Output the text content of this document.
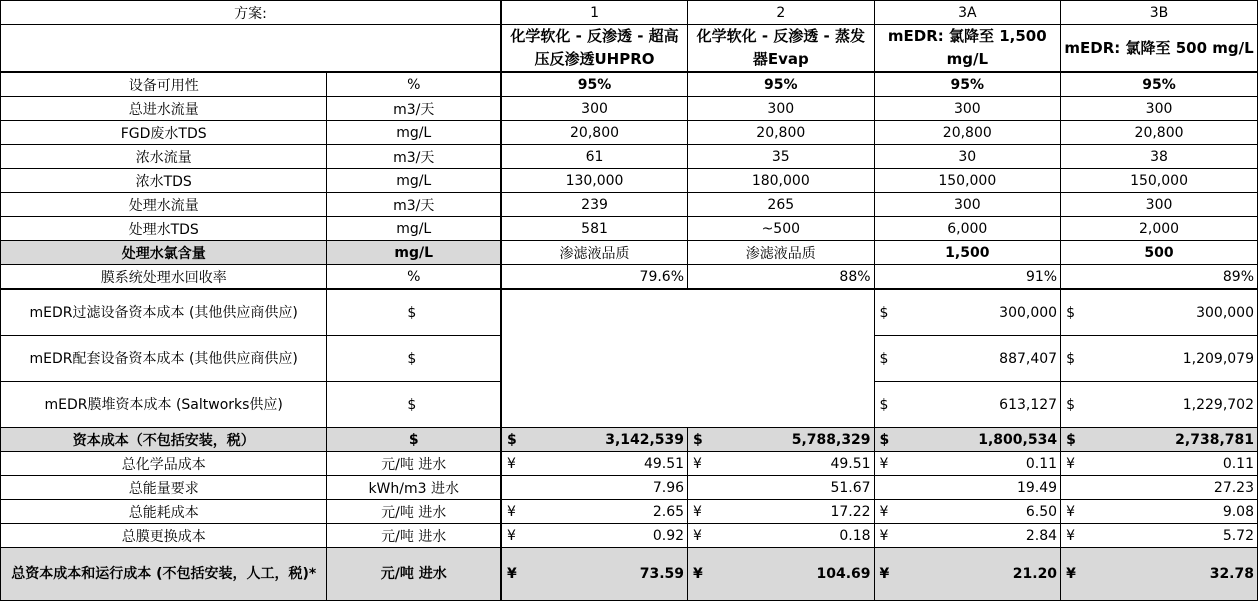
方案:		1	2	3A	3B
		化学软化 - 反渗透 - 超高压反渗透UHPRO	化学软化 - 反渗透 - 蒸发器Evap	mEDR: 氯降至 1,500 mg/L	mEDR: 氯降至 500 mg/L
设备可用性	%	95%	95%	95%	95%
总进水流量	m3/天	300	300	300	300
FGD废水TDS	mg/L	20,800	20,800	20,800	20,800
浓水流量	m3/天	61	35	30	38
浓水TDS	mg/L	130,000	180,000	150,000	150,000
处理水流量	m3/天	239	265	300	300
处理水TDS	mg/L	581	~500	6,000	2,000
处理水氯含量	mg/L	渗滤液品质	渗滤液品质	1,500	500
膜系统处理水回收率	%	79.6%	88%	91%	89%
mEDR过滤设备资本成本 (其他供应商供应)	$			$ 300,000	$ 300,000

mEDR配套设备资本成本 (其他供应商供应)	$			$ 887,407	$ 1,209,079

mEDR膜堆资本成本 (Saltworks供应)	$			$ 613,127	$ 1,229,702

资本成本（不包括安装，税）	$	$ 3,142,539	$ 5,788,329	$ 1,800,534	$ 2,738,781

总化学品成本	元/吨 进水	¥ 49.51	¥ 49.51	¥ 0.11	¥ 0.11

总能量要求	kWh/m3 进水	7.96	51.67	19.49	27.23
总能耗成本	元/吨 进水	¥ 2.65	¥ 17.22	¥ 6.50	¥ 9.08

总膜更换成本	元/吨 进水	¥ 0.92	¥ 0.18	¥ 2.84	¥ 5.72

总资本成本和运行成本 (不包括安装，人工，税)*	元/吨 进水	¥ 73.59	¥ 104.69	¥ 21.20	¥ 32.78
